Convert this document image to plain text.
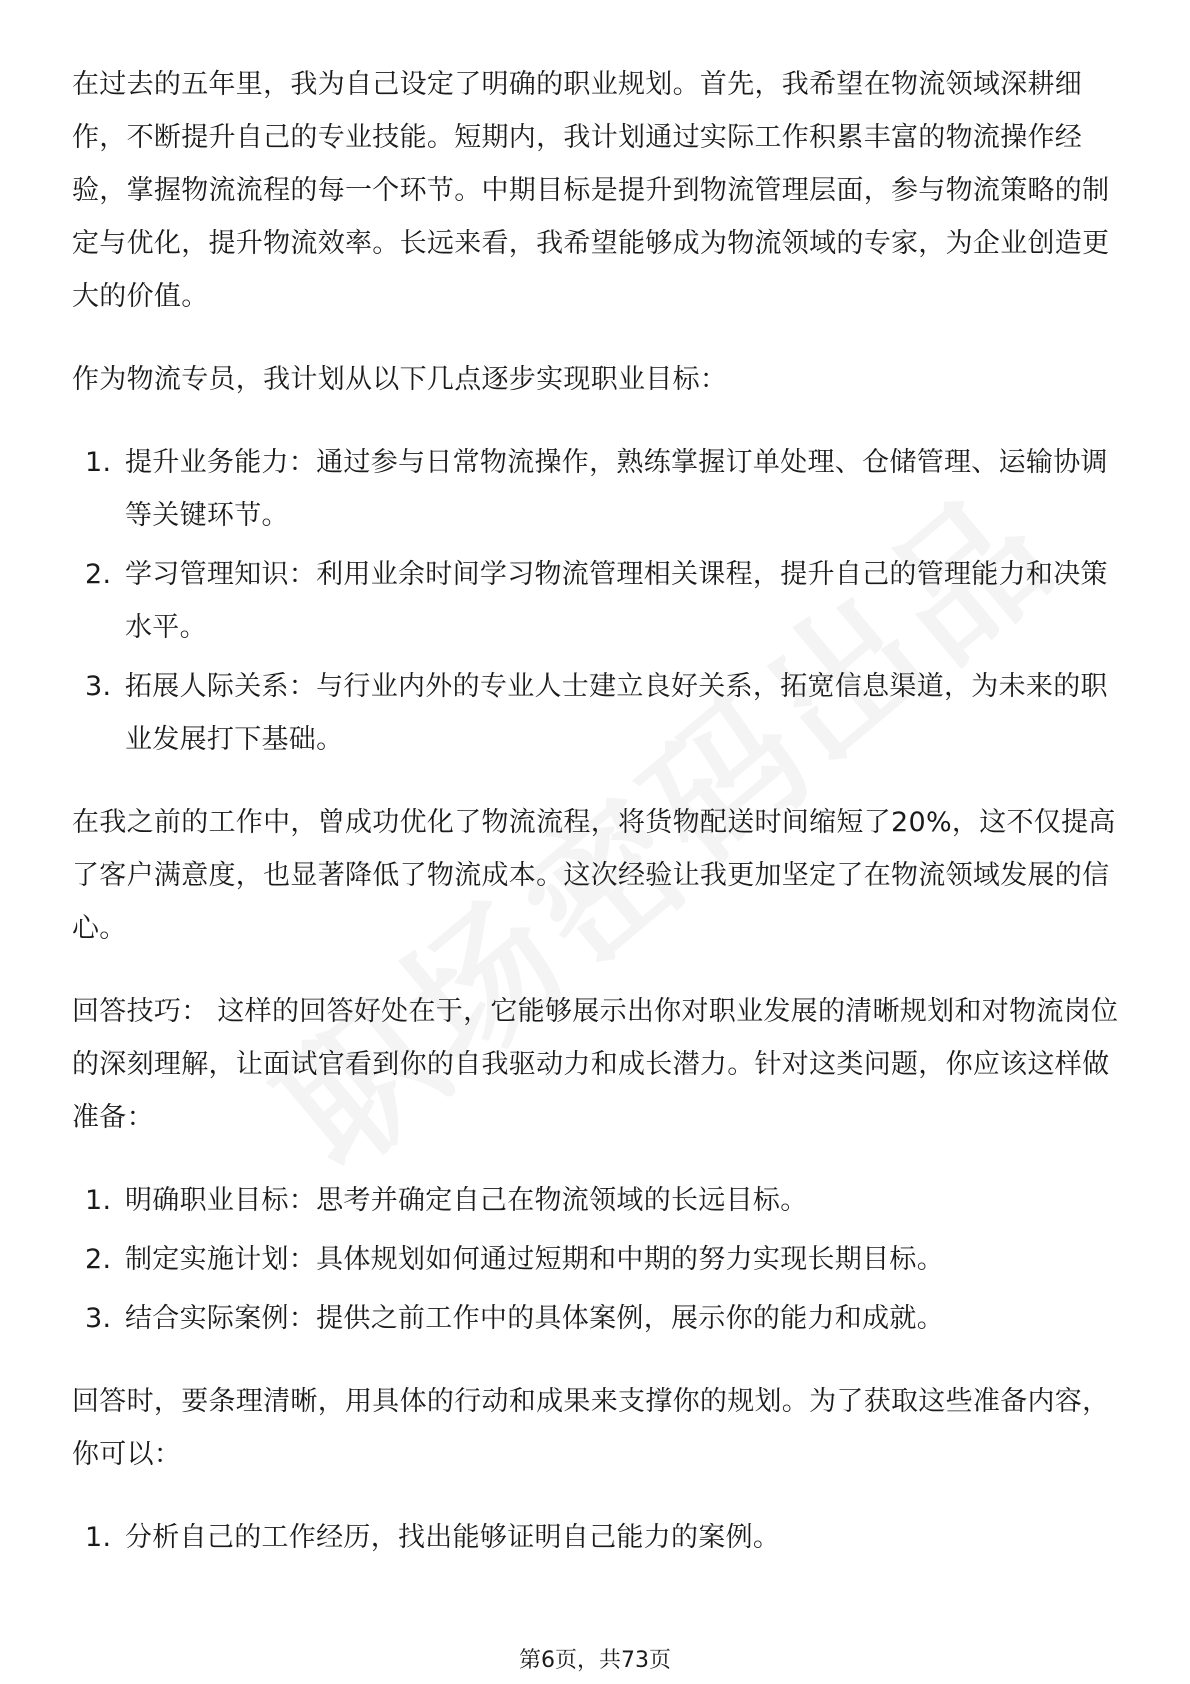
在过去的五年里，我为自己设定了明确的职业规划。首先，我希望在物流领域深耕细作，不断提升自己的专业技能。短期内，我计划通过实际工作积累丰富的物流操作经验，掌握物流流程的每一个环节。中期目标是提升到物流管理层面，参与物流策略的制定与优化，提升物流效率。长远来看，我希望能够成为物流领域的专家，为企业创造更大的价值。

作为物流专员，我计划从以下几点逐步实现职业目标：

1. 提升业务能力：通过参与日常物流操作，熟练掌握订单处理、仓储管理、运输协调等关键环节。
2. 学习管理知识：利用业余时间学习物流管理相关课程，提升自己的管理能力和决策水平。
3. 拓展人际关系：与行业内外的专业人士建立良好关系，拓宽信息渠道，为未来的职业发展打下基础。

在我之前的工作中，曾成功优化了物流流程，将货物配送时间缩短了20%，这不仅提高了客户满意度，也显著降低了物流成本。这次经验让我更加坚定了在物流领域发展的信心。

回答技巧： 这样的回答好处在于，它能够展示出你对职业发展的清晰规划和对物流岗位的深刻理解，让面试官看到你的自我驱动力和成长潜力。针对这类问题，你应该这样做准备：

1. 明确职业目标：思考并确定自己在物流领域的长远目标。
2. 制定实施计划：具体规划如何通过短期和中期的努力实现长期目标。
3. 结合实际案例：提供之前工作中的具体案例，展示你的能力和成就。

回答时，要条理清晰，用具体的行动和成果来支撑你的规划。为了获取这些准备内容，你可以：

1. 分析自己的工作经历，找出能够证明自己能力的案例。
第6页，共73页
